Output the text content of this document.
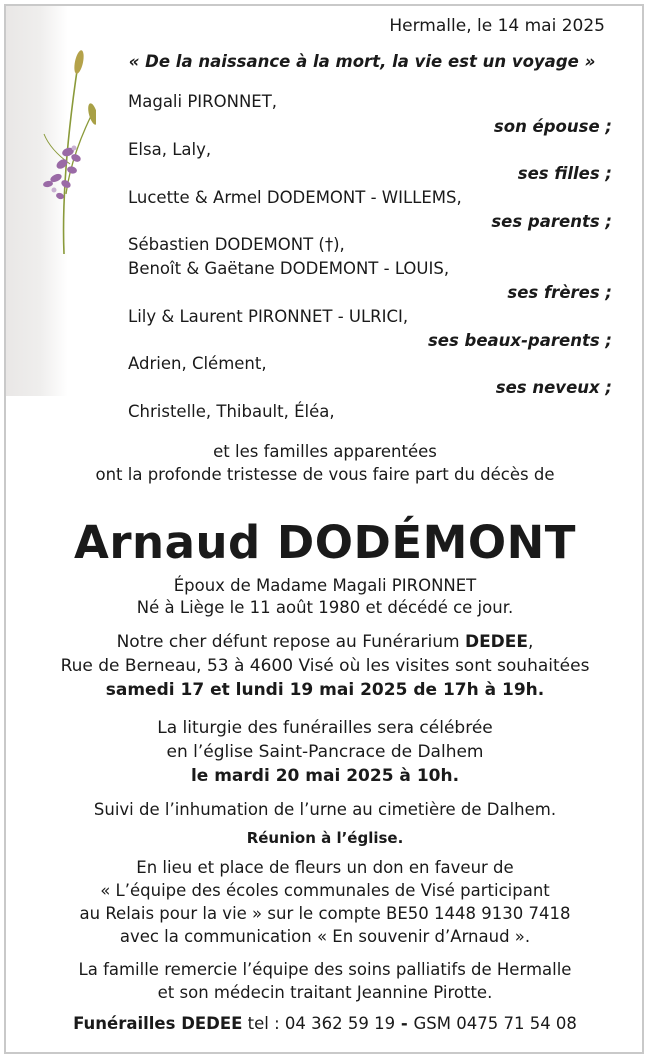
Hermalle, le 14 mai 2025
« De la naissance à la mort, la vie est un voyage »
Magali PIRONNET,
son épouse ;
Elsa, Laly,
ses filles ;
Lucette & Armel DODEMONT - WILLEMS,
ses parents ;
Sébastien DODEMONT (†),
Benoît & Gaëtane DODEMONT - LOUIS,
ses frères ;
Lily & Laurent PIRONNET - ULRICI,
ses beaux-parents ;
Adrien, Clément,
ses neveux ;
Christelle, Thibault, Éléa,
et les familles apparentées
ont la profonde tristesse de vous faire part du décès de
Arnaud DODÉMONT
Époux de Madame Magali PIRONNET
Né à Liège le 11 août 1980 et décédé ce jour.
Notre cher défunt repose au Funérarium DEDEE,
Rue de Berneau, 53 à 4600 Visé où les visites sont souhaitées
samedi 17 et lundi 19 mai 2025 de 17h à 19h.
La liturgie des funérailles sera célébrée
en l’église Saint-Pancrace de Dalhem
le mardi 20 mai 2025 à 10h.
Suivi de l’inhumation de l’urne au cimetière de Dalhem.
Réunion à l’église.
En lieu et place de fleurs un don en faveur de
« L’équipe des écoles communales de Visé participant
au Relais pour la vie » sur le compte BE50 1448 9130 7418
avec la communication « En souvenir d’Arnaud ».
La famille remercie l’équipe des soins palliatifs de Hermalle
et son médecin traitant Jeannine Pirotte.
Funérailles DEDEE tel : 04 362 59 19 - GSM 0475 71 54 08
